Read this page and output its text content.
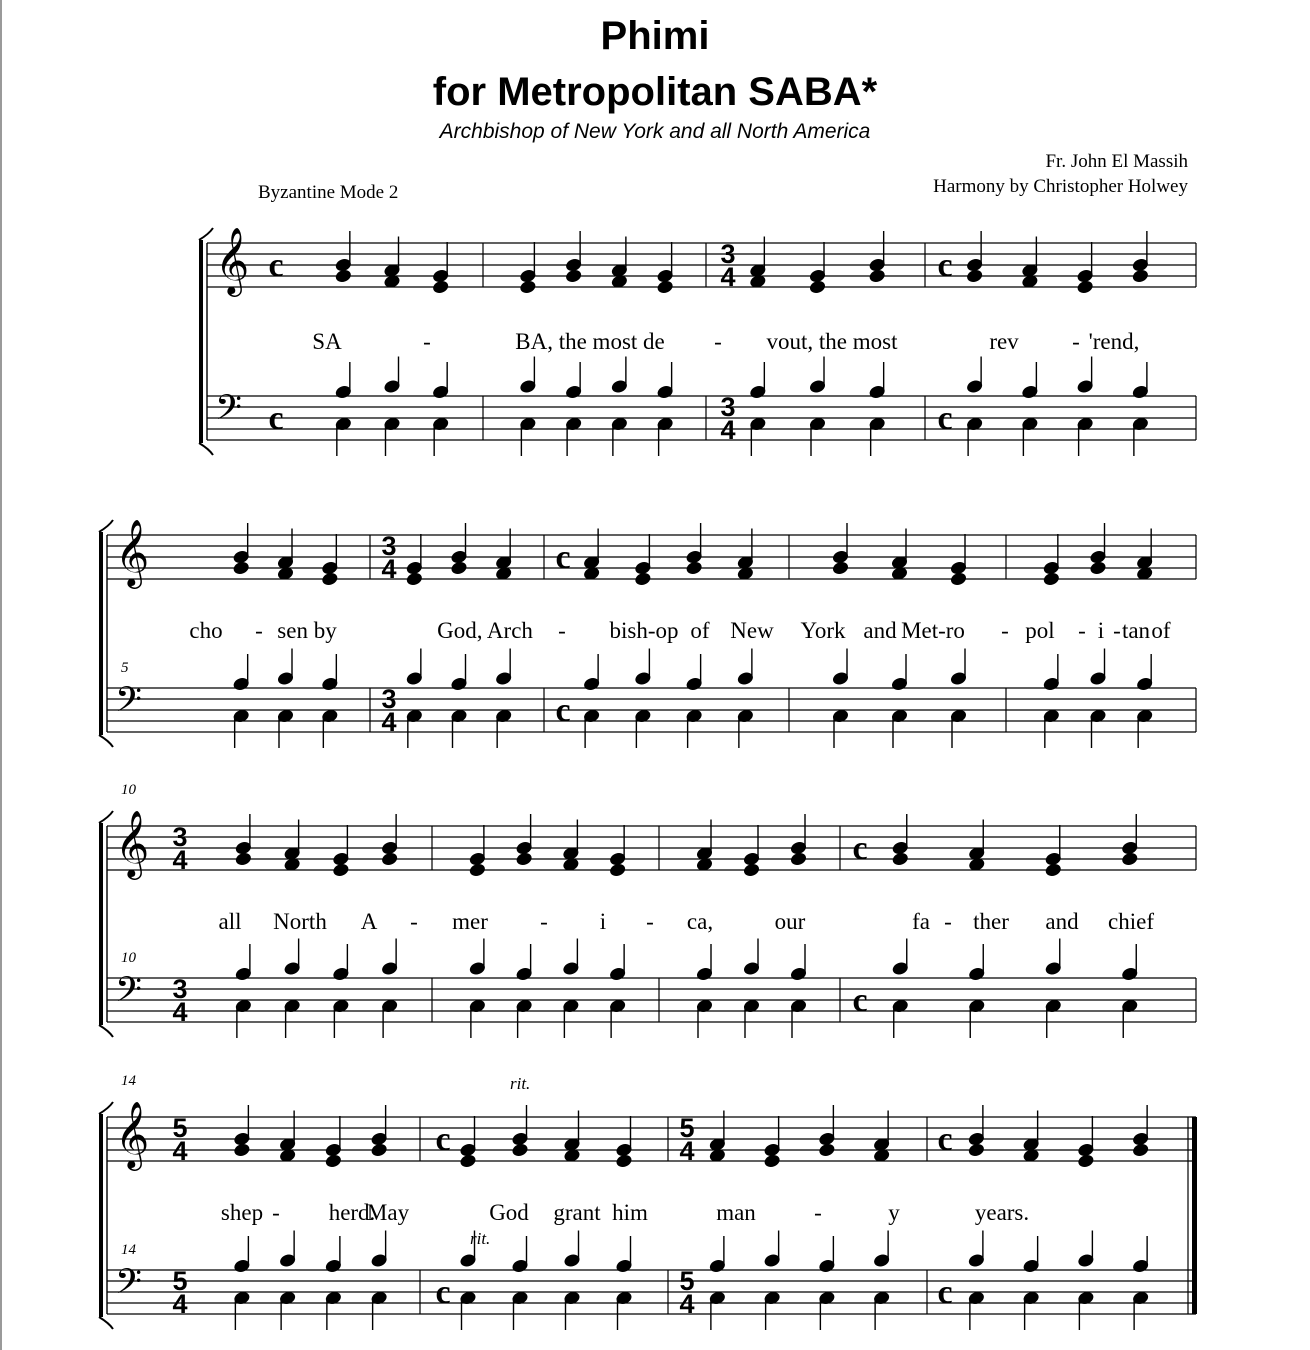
Phimi
for Metropolitan SABA*
Archbishop of New York and all North America
Fr. John El Massih
Harmony by Christopher Holwey
Byzantine Mode 2
𝄞
𝄢
c
c
3
4
3
4
c
c
SA	-	BA, the most de - vout, the most	rev - 'rend,
𝄞
𝄢
3
4
3
4
c
c
5
cho - sen by	God, Arch - bish-op of New York and Met-ro - pol - i - tan of
𝄞
𝄢
3
4
3
4
c
c
10
10
all North A - mer - i - ca,	our	fa - ther and chief
𝄞
𝄢
5
4
5
4
c
c
5
4
5
4
c
c
14
14
rit.
rit.
shep - herd.
May	God grant him	man	-	y	years.
